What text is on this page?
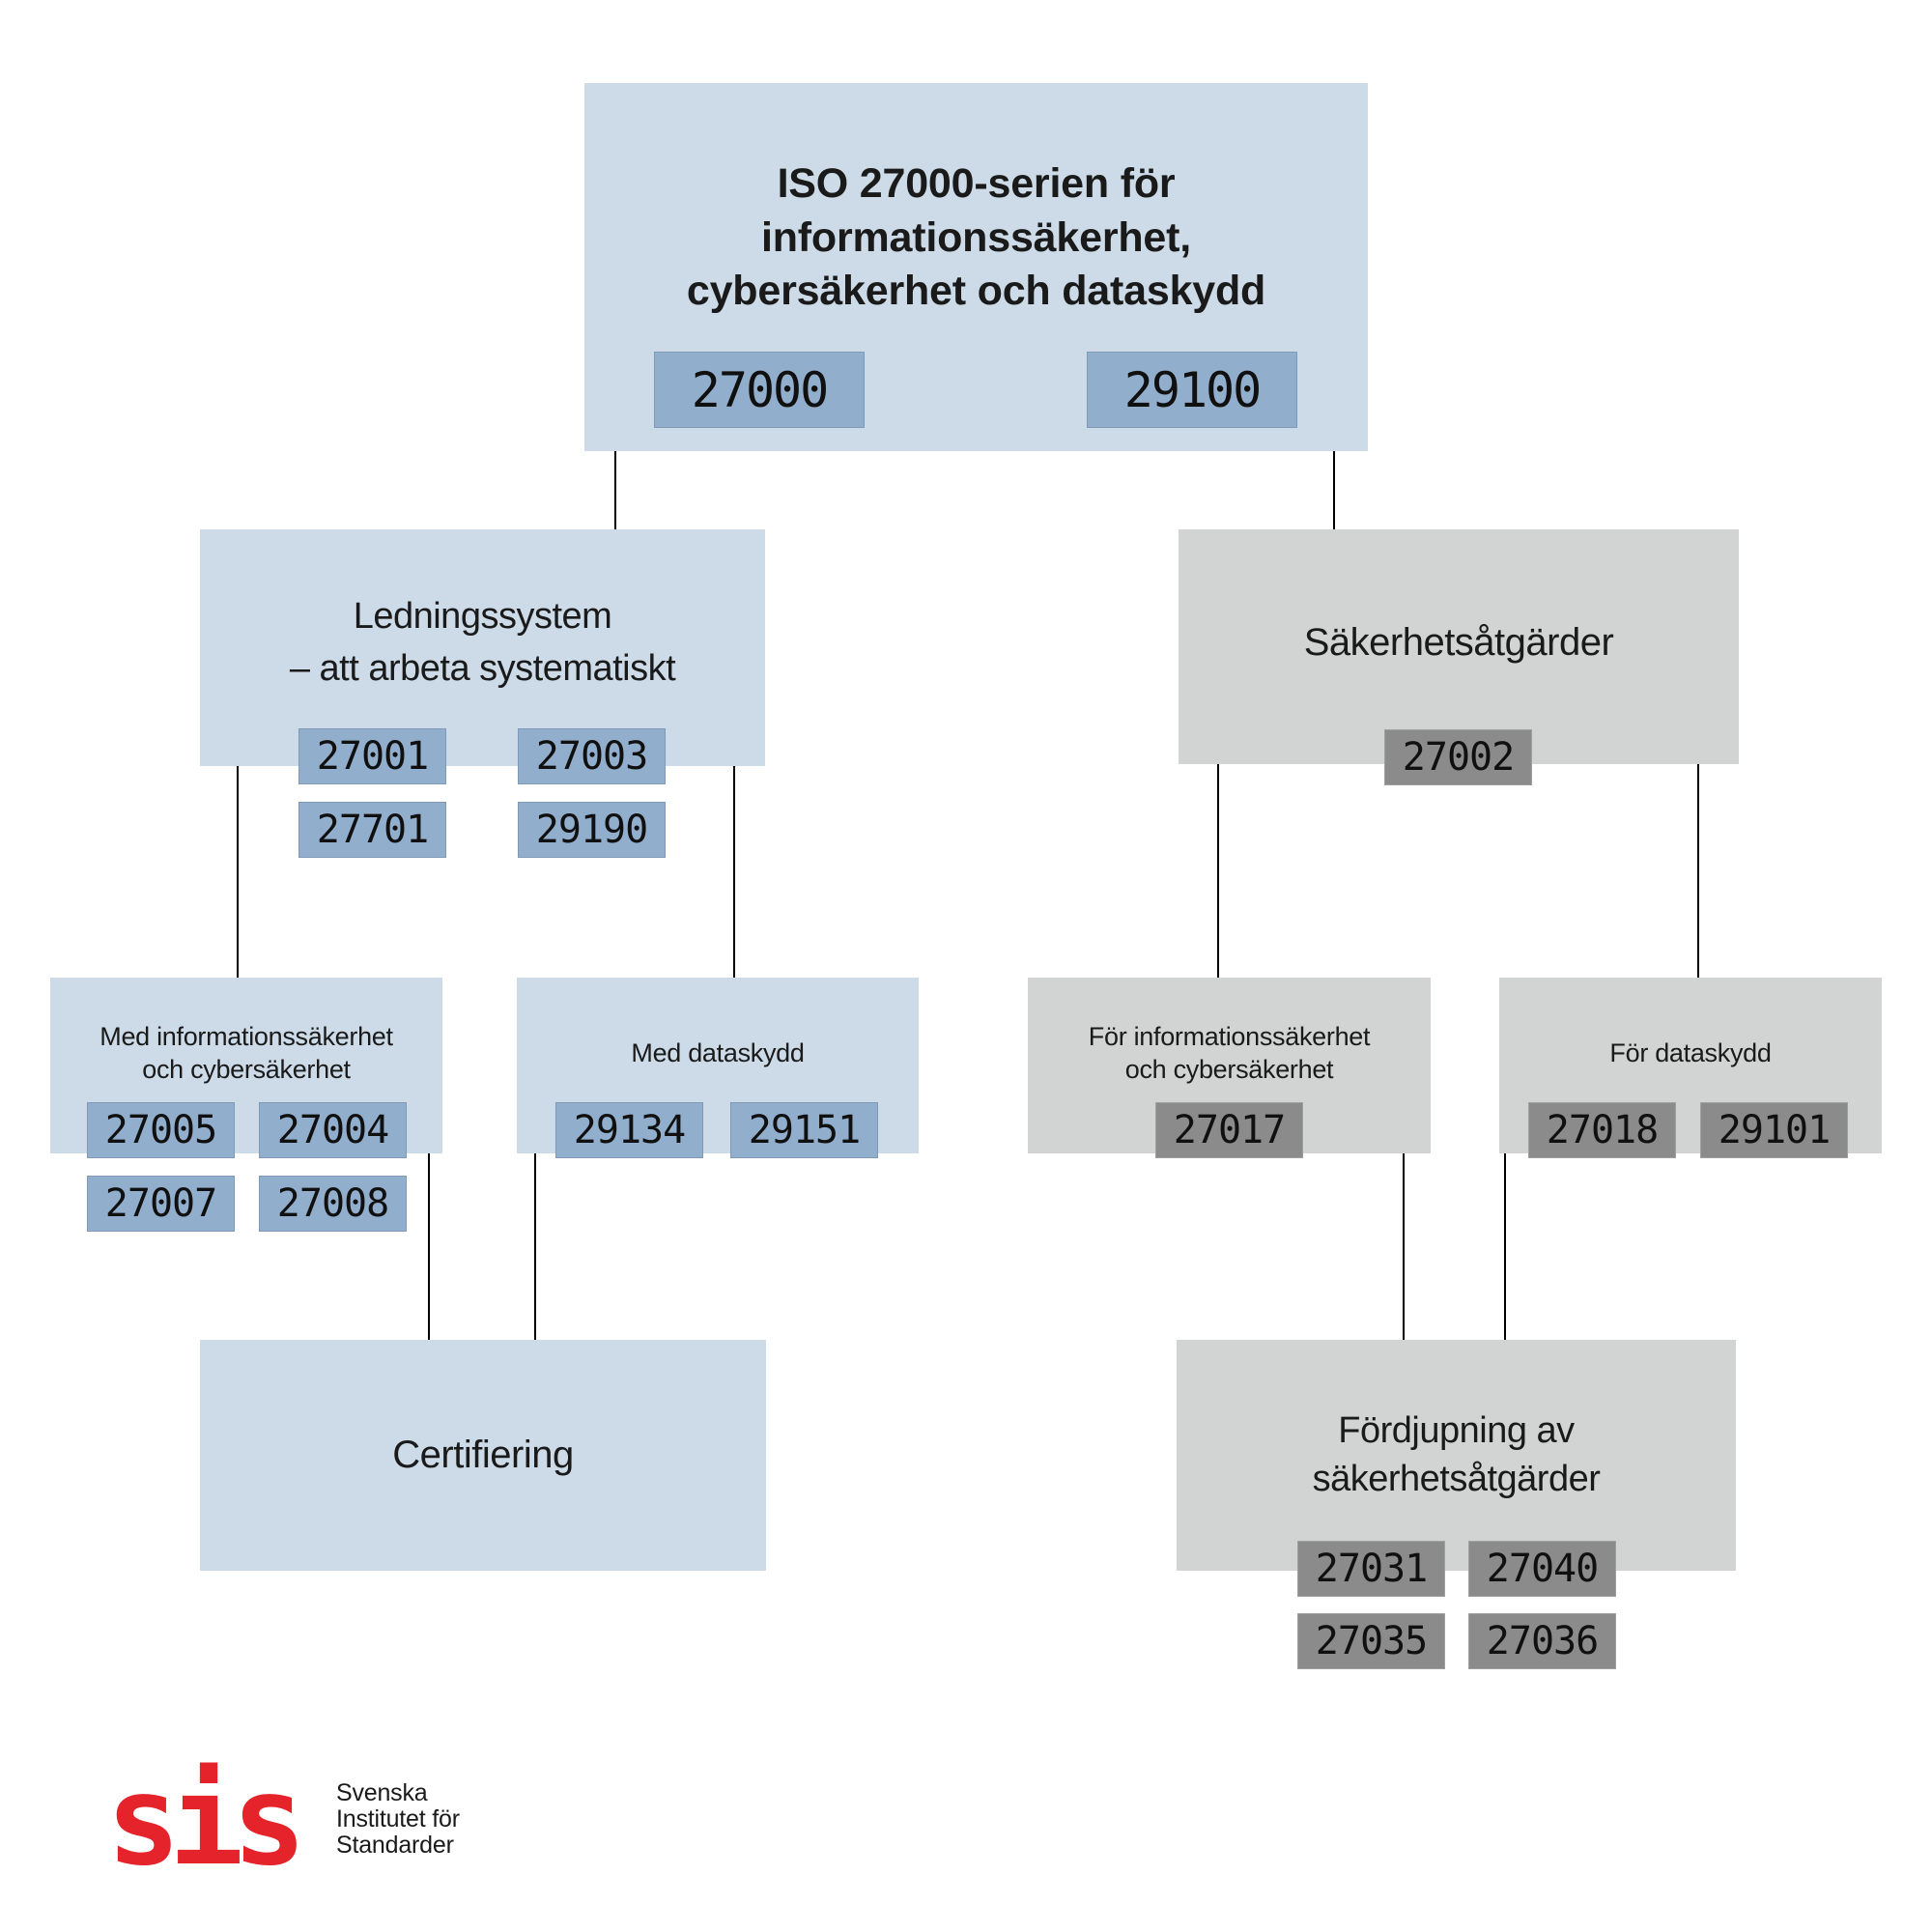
ISO 27000-serien för
informationssäkerhet,
cybersäkerhet och dataskydd
27000	29100
Ledningssystem
– att arbeta systematiskt
27001	27003
27701	29190
Säkerhetsåtgärder
27002
Med informationssäkerhet
och cybersäkerhet
27005	27004
27007	27008
Med dataskydd
29134	29151
För informationssäkerhet
och cybersäkerhet
27017
För dataskydd
27018	29101
Certifiering
Fördjupning av
säkerhetsåtgärder
27031	27040
27035	27036
sis Svenska
Institutet för
Standarder
